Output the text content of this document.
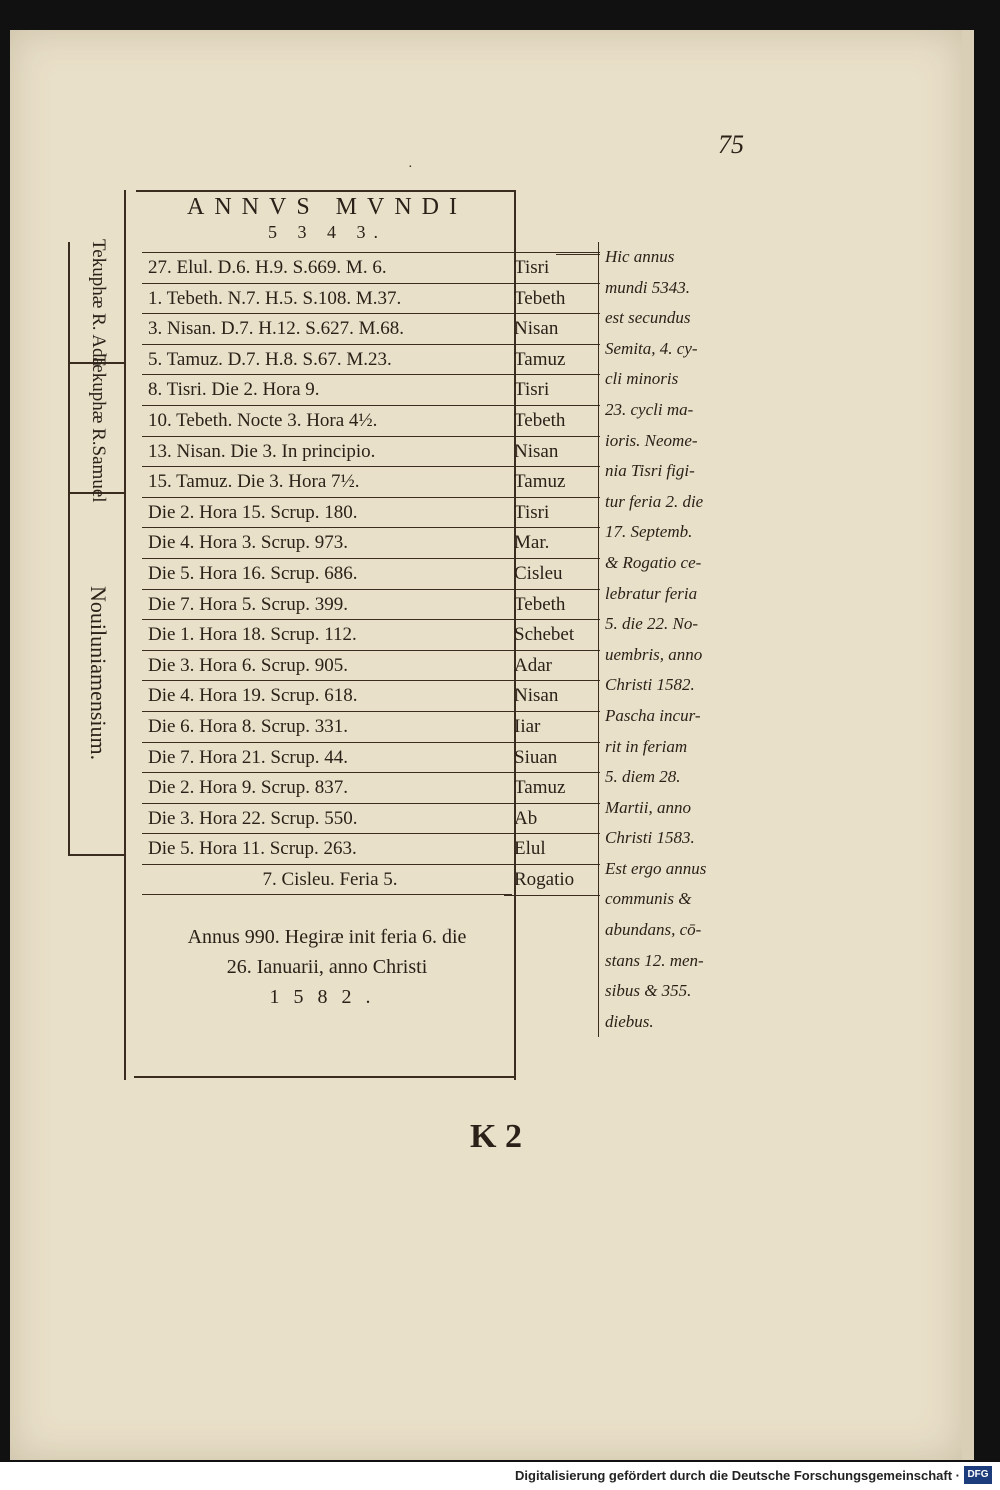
75
·
Tekuphæ R. Ada
Tekuphæ R.Samuel
Nouiluniamensium.
ANNVS MVNDI
5 3 4 3.
27. Elul. D.6. H.9. S.669. M. 6.
1. Tebeth. N.7. H.5. S.108. M.37.
3. Nisan. D.7. H.12. S.627. M.68.
5. Tamuz. D.7. H.8. S.67. M.23.
8. Tisri. Die 2. Hora 9.
10. Tebeth. Nocte 3. Hora 4½.
13. Nisan. Die 3. In principio.
15. Tamuz. Die 3. Hora 7½.
Die 2. Hora 15. Scrup. 180.
Die 4. Hora 3. Scrup. 973.
Die 5. Hora 16. Scrup. 686.
Die 7. Hora 5. Scrup. 399.
Die 1. Hora 18. Scrup. 112.
Die 3. Hora 6. Scrup. 905.
Die 4. Hora 19. Scrup. 618.
Die 6. Hora 8. Scrup. 331.
Die 7. Hora 21. Scrup. 44.
Die 2. Hora 9. Scrup. 837.
Die 3. Hora 22. Scrup. 550.
Die 5. Hora 11. Scrup. 263.
7. Cisleu. Feria 5.
Annus 990. Hegiræ init feria 6. die
26. Ianuarii, anno Christi
1582.
Tisri
Tebeth
Nisan
Tamuz
Tisri
Tebeth
Nisan
Tamuz
Tisri
Mar.
Cisleu
Tebeth
Schebet
Adar
Nisan
Iiar
Siuan
Tamuz
Ab
Elul
Rogatio
Hic annus
mundi 5343.
est secundus
Semita, 4. cy-
cli minoris
23. cycli ma-
ioris. Neome-
nia Tisri figi-
tur feria 2. die
17. Septemb.
& Rogatio ce-
lebratur feria
5. die 22. No-
uembris, anno
Christi 1582.
Pascha incur-
rit in feriam
5. diem 28.
Martii, anno
Christi 1583.
Est ergo annus
communis &
abundans, cō-
stans 12. men-
sibus & 355.
diebus.
K 2
Digitalisierung gefördert durch die Deutsche Forschungsgemeinschaft · DFG
